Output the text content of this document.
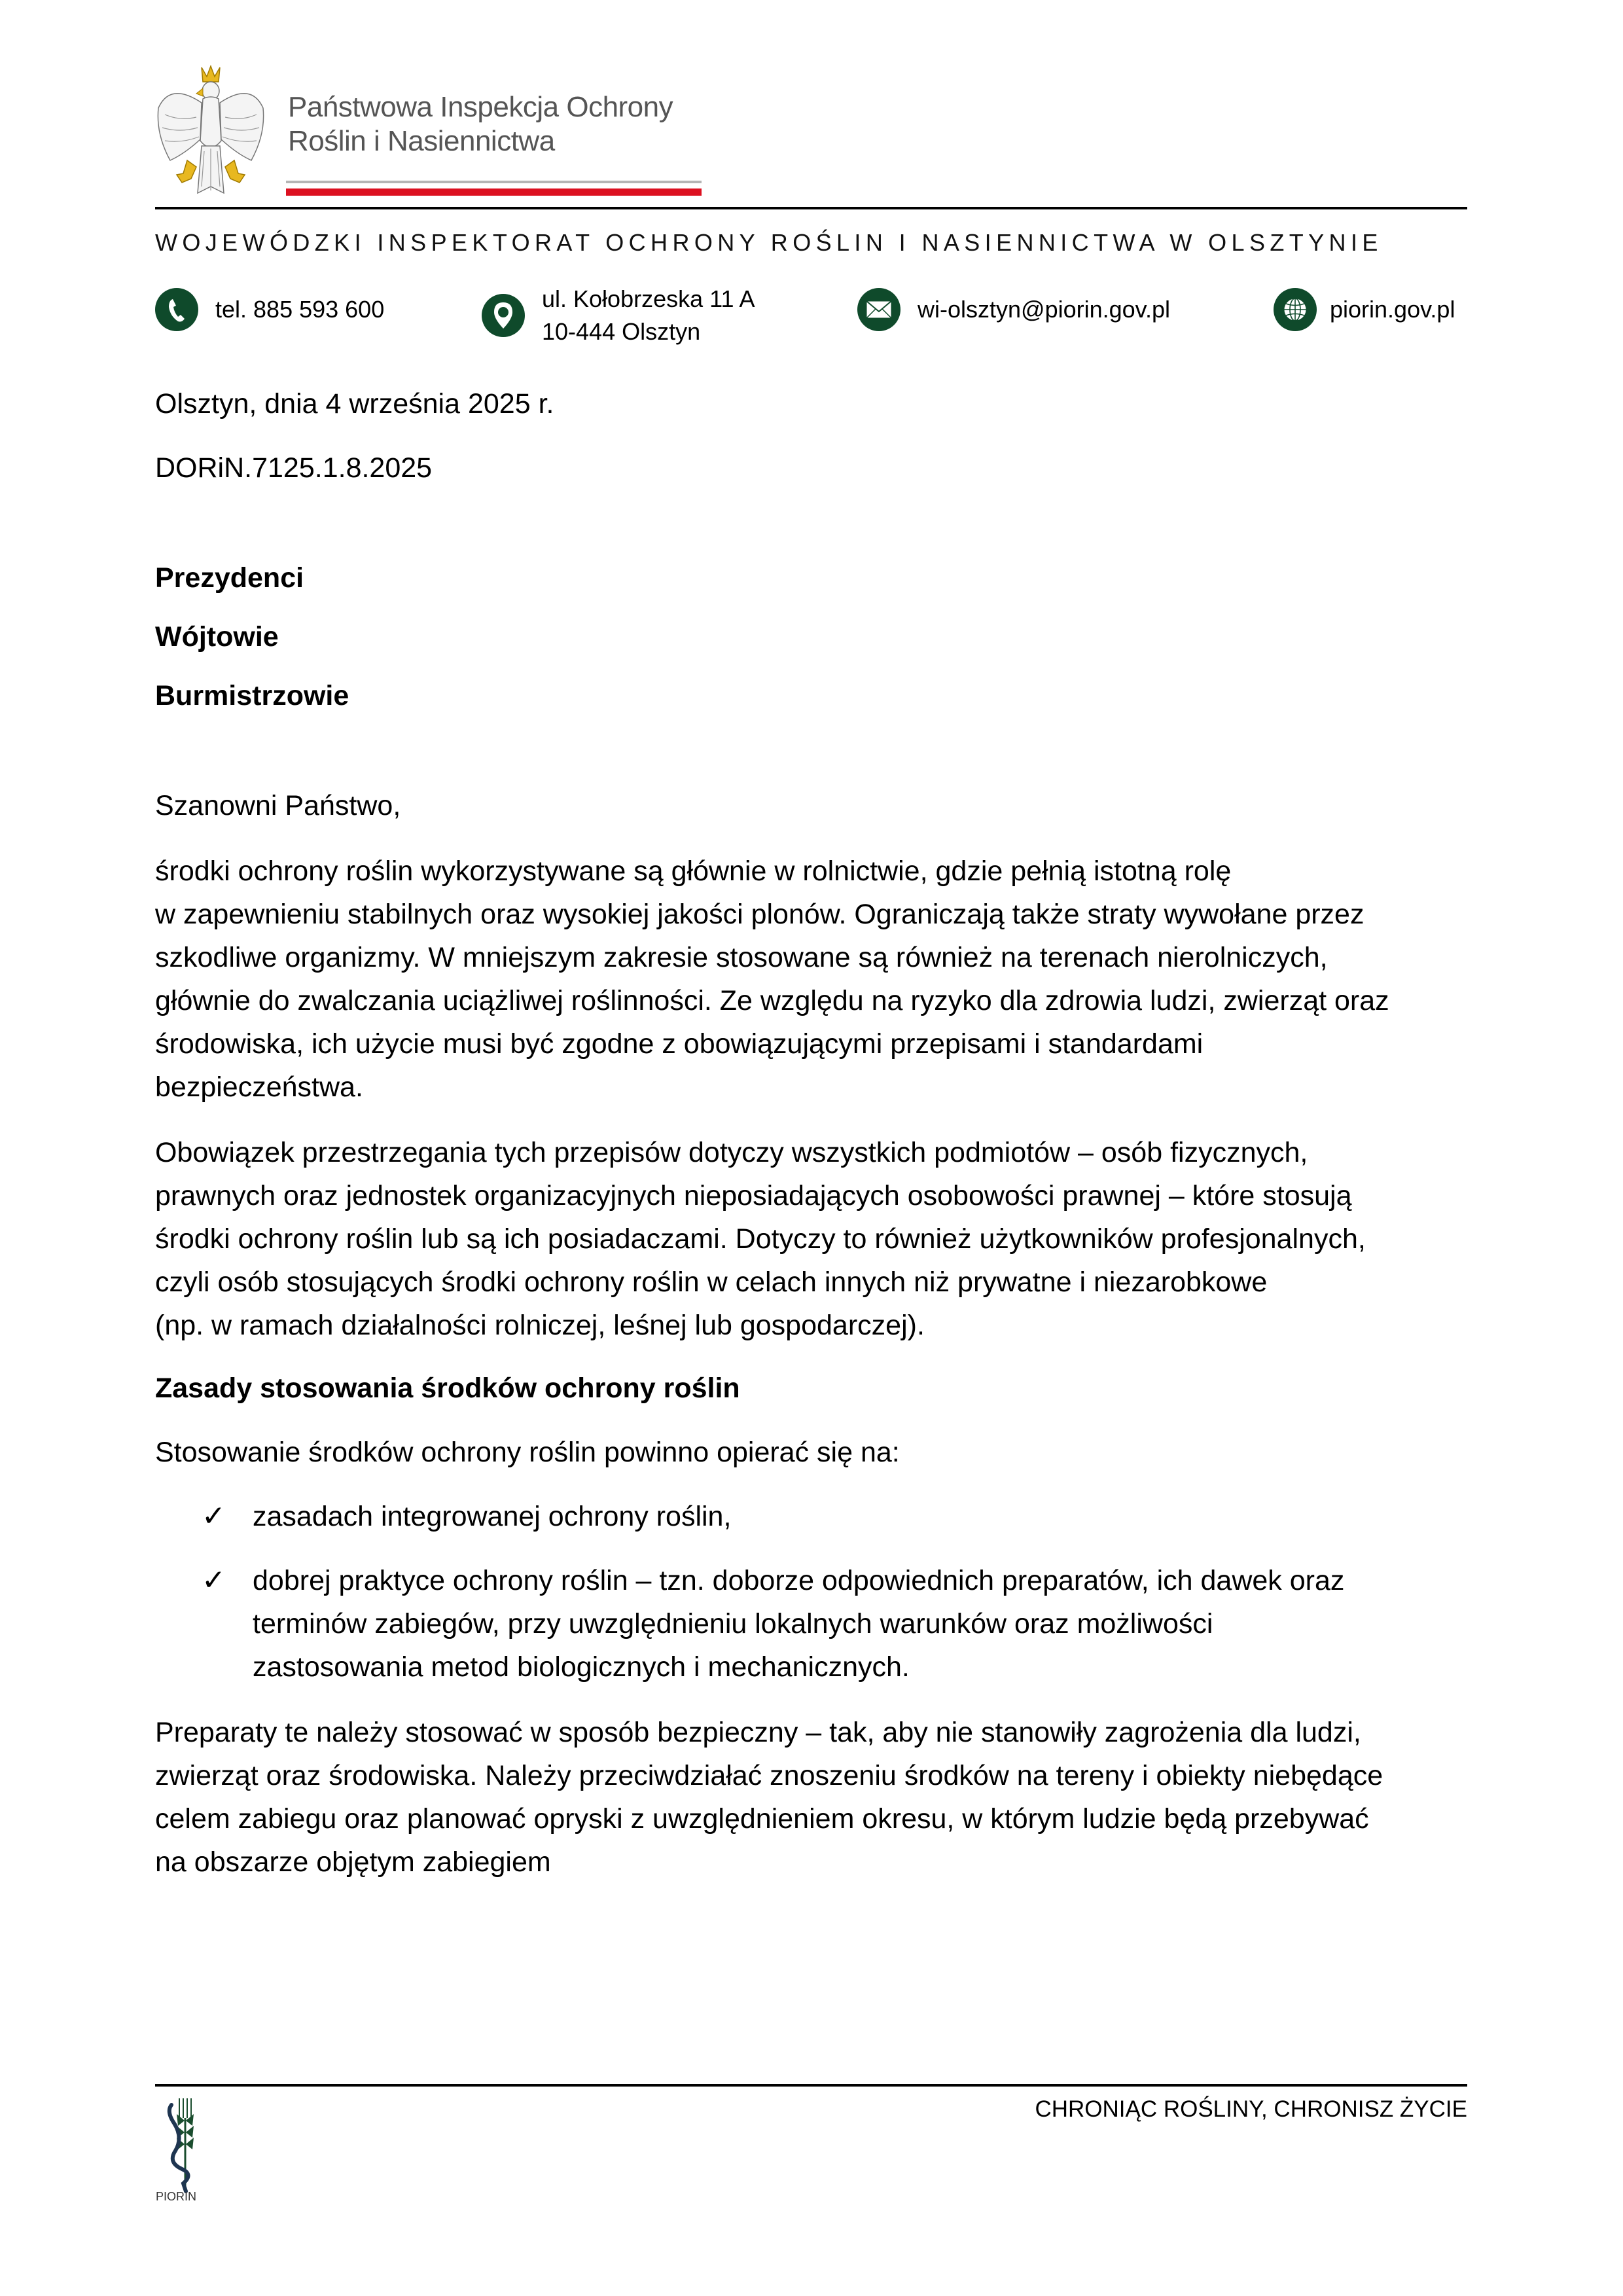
Państwowa Inspekcja Ochrony
Roślin i Nasiennictwa
WOJEWÓDZKI INSPEKTORAT OCHRONY ROŚLIN I NASIENNICTWA W OLSZTYNIE
tel. 885 593 600	ul. Kołobrzeska 11 A
10-444 Olsztyn
wi-olsztyn@piorin.gov.pl	piorin.gov.pl
Olsztyn, dnia 4 września 2025 r.
DORiN.7125.1.8.2025
Prezydenci
Wójtowie
Burmistrzowie
Szanowni Państwo,
środki ochrony roślin wykorzystywane są głównie w rolnictwie, gdzie pełnią istotną rolę
w zapewnieniu stabilnych oraz wysokiej jakości plonów. Ograniczają także straty wywołane przez
szkodliwe organizmy. W mniejszym zakresie stosowane są również na terenach nierolniczych,
głównie do zwalczania uciążliwej roślinności. Ze względu na ryzyko dla zdrowia ludzi, zwierząt oraz
środowiska, ich użycie musi być zgodne z obowiązującymi przepisami i standardami
bezpieczeństwa.
Obowiązek przestrzegania tych przepisów dotyczy wszystkich podmiotów – osób fizycznych,
prawnych oraz jednostek organizacyjnych nieposiadających osobowości prawnej – które stosują
środki ochrony roślin lub są ich posiadaczami. Dotyczy to również użytkowników profesjonalnych,
czyli osób stosujących środki ochrony roślin w celach innych niż prywatne i niezarobkowe
(np. w ramach działalności rolniczej, leśnej lub gospodarczej).
Zasady stosowania środków ochrony roślin
Stosowanie środków ochrony roślin powinno opierać się na:
✓ zasadach integrowanej ochrony roślin,
✓ dobrej praktyce ochrony roślin – tzn. doborze odpowiednich preparatów, ich dawek oraz
terminów zabiegów, przy uwzględnieniu lokalnych warunków oraz możliwości
zastosowania metod biologicznych i mechanicznych.
Preparaty te należy stosować w sposób bezpieczny – tak, aby nie stanowiły zagrożenia dla ludzi,
zwierząt oraz środowiska. Należy przeciwdziałać znoszeniu środków na tereny i obiekty niebędące
celem zabiegu oraz planować opryski z uwzględnieniem okresu, w którym ludzie będą przebywać
na obszarze objętym zabiegiem
CHRONIĄC ROŚLINY, CHRONISZ ŻYCIE
PIORIN
